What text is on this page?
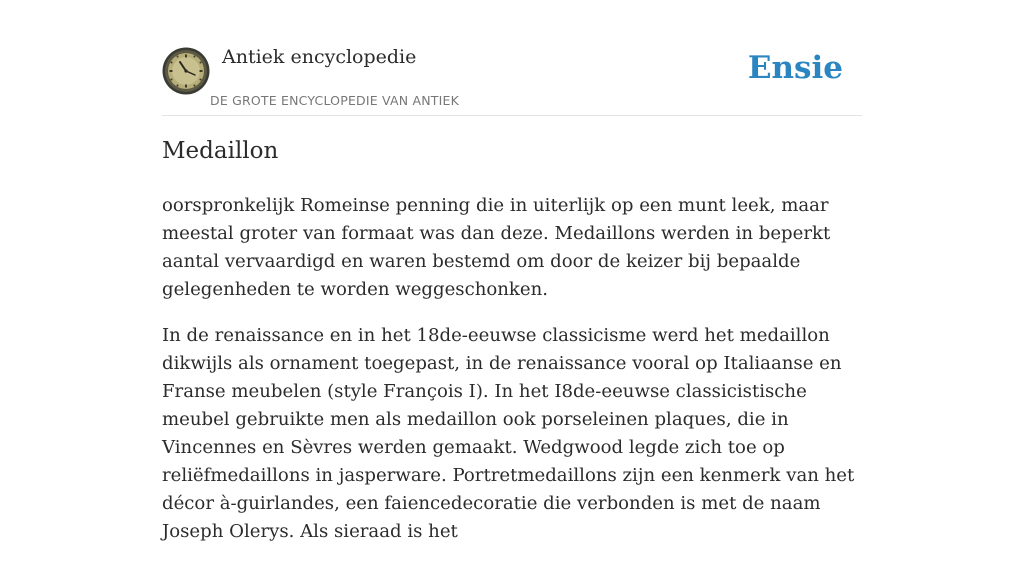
Antiek encyclopedie
DE GROTE ENCYCLOPEDIE VAN ANTIEK
Ensie
Medaillon

oorspronkelijk Romeinse penning die in uiterlijk op een munt leek, maar meestal groter van formaat was dan deze. Medaillons werden in beperkt aantal vervaardigd en waren bestemd om door de keizer bij bepaalde gelegenheden te worden weggeschonken.

In de renaissance en in het 18de-eeuwse classicisme werd het medaillon dikwijls als ornament toegepast, in de renaissance vooral op Italiaanse en Franse meubelen (style François I). In het I8de-eeuwse classicistische meubel gebruikte men als medaillon ook porseleinen plaques, die in Vincennes en Sèvres werden gemaakt. Wedgwood legde zich toe op reliëfmedaillons in jasperware. Portretmedaillons zijn een kenmerk van het décor à-guirlandes, een faiencedecoratie die verbonden is met de naam Joseph Olerys. Als sieraad is het
